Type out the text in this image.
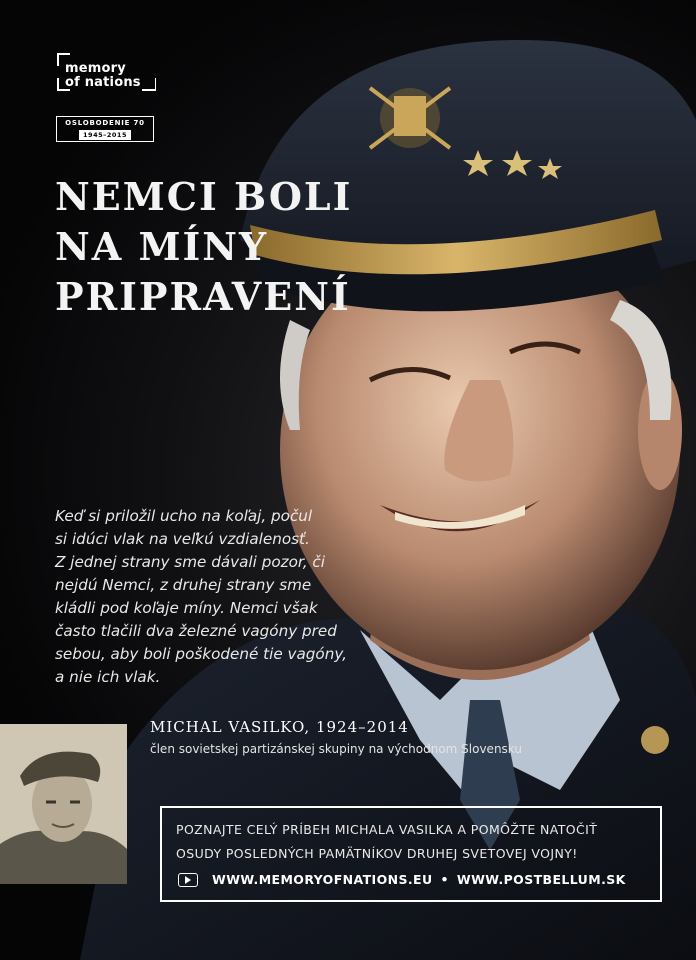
memory
of nations
OSLOBODENIE 70
1945–2015
NEMCI BOLI
NA MÍNY
PRIPRAVENÍ
Keď si priložil ucho na koľaj, počul
si idúci vlak na veľkú vzdialenosť.
Z jednej strany sme dávali pozor, či
nejdú Nemci, z druhej strany sme
kládli pod koľaje míny. Nemci však
často tlačili dva železné vagóny pred
sebou, aby boli poškodené tie vagóny,
a nie ich vlak.
MICHAL VASILKO, 1924–2014
člen sovietskej partizánskej skupiny na východnom Slovensku
POZNAJTE CELÝ PRÍBEH MICHALA VASILKA A POMÔŽTE NATOČIŤ
OSUDY POSLEDNÝCH PAMÄTNÍKOV DRUHEJ SVETOVEJ VOJNY!
WWW.MEMORYOFNATIONS.EU • WWW.POSTBELLUM.SK
